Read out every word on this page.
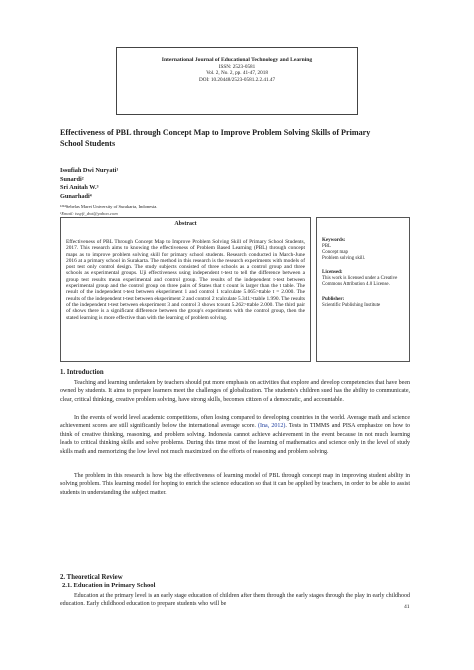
International Journal of Educational Technology and Learning
ISSN: 2523-0581
Vol. 2, No. 2, pp. 41-47, 2018
DOI: 10.20448/2523-0581.2.2.41.47
Effectiveness of PBL through Concept Map to Improve Problem Solving Skills of Primary School Students
Issufiah Dwi Nuryati¹
Sunardi²
Sri Anitah W.³
Gunarhadi⁴
¹²³⁴Sebelas Maret University of Surakarta, Indonesia.
¹Email: issyfi_dwi@yahoo.com
Abstract
Effectiveness of PBL Through Concept Map to Improve Problem Solving Skill of Primary School Students, 2017. This research aims to knowing the effectiveness of Problem Based Learning (PBL) through concept maps as to improve problem solving skill for primary school students. Research conducted in March-June 2016 at a primary school in Surakarta. The method in this research is the research experiments with models of post test only control design. The study subjects consisted of three schools as a control group and three schools as experimental groups. Uji effectiveness using independent t-test to tell the difference between a group test results mean experimental and control group. The results of the independent t-test between experimental group and the control group on three pairs of States that t count is larger than the t table. The result of the independent t-test between eksperiment 1 and control 1 tcalculate 5.065>ttable t = 2.000. The results of the independent t-test between eksperiment 2 and control 2 tcalculate 5.341>ttable 1.990. The results of the independent t-test between eksperiment 3 and control 3 shows tcount 5.262>ttable 2.000. The third pair of shows there is a significant difference between the group's experiments with the control group, then the stated learning is more effective than with the learning of problem solving.
Keywords:
PBL
Concept map
Problem solving skill.
Licensed:
This work is licensed under a Creative Commons Attribution 4.0 License.
Publisher:
Scientific Publishing Institute
1. Introduction
Teaching and learning undertaken by teachers should put more emphasis on activities that explore and develop competencies that have been owned by students. It aims to prepare learners meet the challenges of globalization. The students's children sued has the ability to communicate, clear, critical thinking, creative problem solving, have strong skills, becomes citizen of a democratic, and accountable.
In the events of world level academic competitions, often losing compared to developing countries in the world. Average math and science achievement scores are still significantly below the international average score. (Ina, 2012). Tests in TIMMS and PISA emphasize on how to think of creative thinking, reasoning, and problem solving. Indonesia cannot achieve achievement in the event because in not much learning leads to critical thinking skills and solve problems. During this time most of the learning of mathematics and science only in the level of study skills math and memorizing the low level not much maximized on the efforts of reasoning and problem solving.
The problem in this research is how big the effectiveness of learning model of PBL through concept map in improving student ability in solving problem. This learning model for hoping to enrich the science education so that it can be applied by teachers, in order to be able to assist students in understanding the subject matter.
2. Theoretical Review
2.1. Education in Primary School
Education at the primary level is an early stage education of children after them through the early stages through the play in early childhood education. Early childhood education to prepare students who will be	41
